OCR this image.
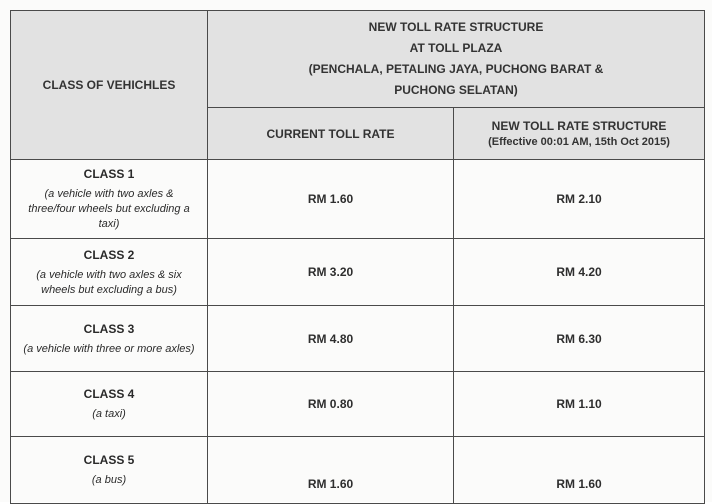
CLASS OF VEHICHLES	NEW TOLL RATE STRUCTURE
AT TOLL PLAZA
(PENCHALA, PETALING JAYA, PUCHONG BARAT &
PUCHONG SELATAN)	

	CURRENT TOLL RATE	NEW TOLL RATE STRUCTURE
(Effective 00:01 AM, 15th Oct 2015)

CLASS 1
(a vehicle with two axles & three/four wheels but excluding a taxi)	RM 1.60	RM 2.10

CLASS 2
(a vehicle with two axles & six wheels but excluding a bus)	RM 3.20	RM 4.20

CLASS 3
(a vehicle with three or more axles)	RM 4.80	RM 6.30

CLASS 4
(a taxi)	RM 0.80	RM 1.10

CLASS 5
(a bus)	RM 1.60	RM 1.60
